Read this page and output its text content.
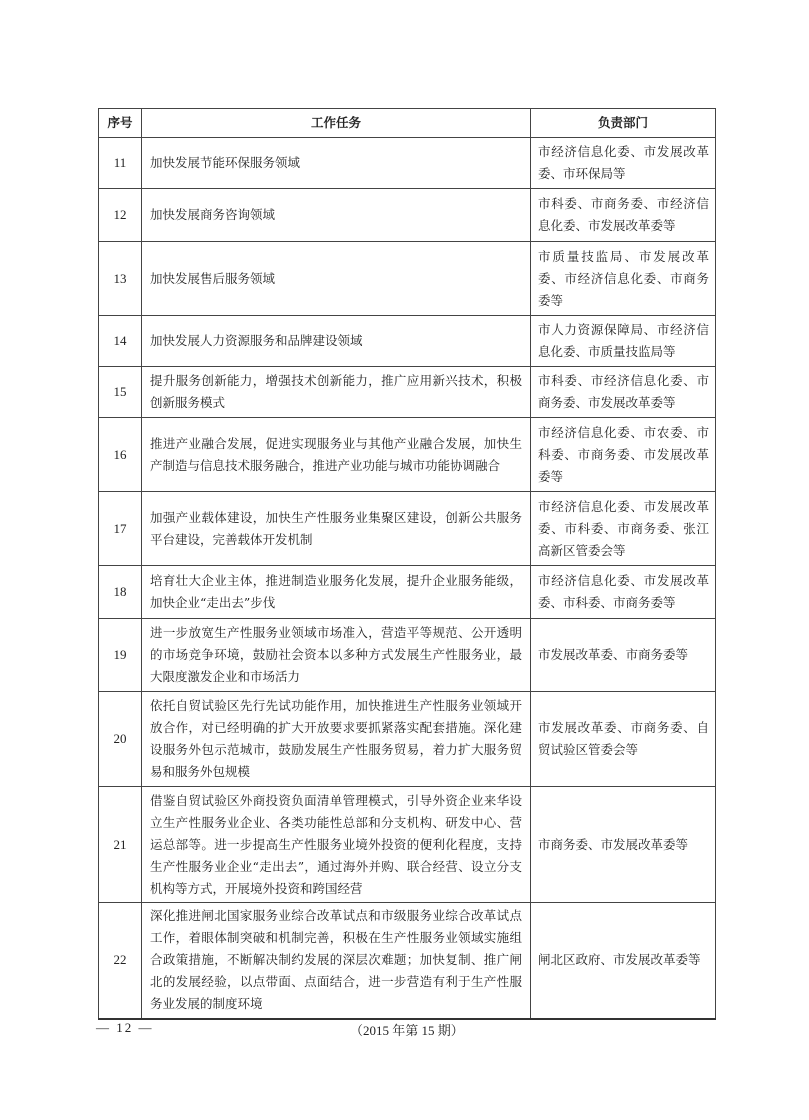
序号	工作任务	负责部门
11	加快发展节能环保服务领域	市经济信息化委、市发展改革委、市环保局等
12	加快发展商务咨询领域	市科委、市商务委、市经济信息化委、市发展改革委等
13	加快发展售后服务领域	市质量技监局、市发展改革委、市经济信息化委、市商务委等
14	加快发展人力资源服务和品牌建设领域	市人力资源保障局、市经济信息化委、市质量技监局等
15	提升服务创新能力，增强技术创新能力，推广应用新兴技术，积极创新服务模式	市科委、市经济信息化委、市商务委、市发展改革委等
16	推进产业融合发展，促进实现服务业与其他产业融合发展，加快生产制造与信息技术服务融合，推进产业功能与城市功能协调融合	市经济信息化委、市农委、市科委、市商务委、市发展改革委等
17	加强产业载体建设，加快生产性服务业集聚区建设，创新公共服务平台建设，完善载体开发机制	市经济信息化委、市发展改革委、市科委、市商务委、张江高新区管委会等
18	培育壮大企业主体，推进制造业服务化发展，提升企业服务能级，加快企业“走出去”步伐	市经济信息化委、市发展改革委、市科委、市商务委等
19	进一步放宽生产性服务业领域市场准入，营造平等规范、公开透明的市场竞争环境，鼓励社会资本以多种方式发展生产性服务业，最大限度激发企业和市场活力	市发展改革委、市商务委等
20	依托自贸试验区先行先试功能作用，加快推进生产性服务业领域开放合作，对已经明确的扩大开放要求要抓紧落实配套措施。深化建设服务外包示范城市，鼓励发展生产性服务贸易，着力扩大服务贸易和服务外包规模	市发展改革委、市商务委、自贸试验区管委会等
21	借鉴自贸试验区外商投资负面清单管理模式，引导外资企业来华设立生产性服务业企业、各类功能性总部和分支机构、研发中心、营运总部等。进一步提高生产性服务业境外投资的便利化程度，支持生产性服务业企业“走出去”，通过海外并购、联合经营、设立分支机构等方式，开展境外投资和跨国经营	市商务委、市发展改革委等
22	深化推进闸北国家服务业综合改革试点和市级服务业综合改革试点工作，着眼体制突破和机制完善，积极在生产性服务业领域实施组合政策措施，不断解决制约发展的深层次难题；加快复制、推广闸北的发展经验，以点带面、点面结合，进一步营造有利于生产性服务业发展的制度环境	闸北区政府、市发展改革委等
— 12 —	（2015 年第 15 期）
